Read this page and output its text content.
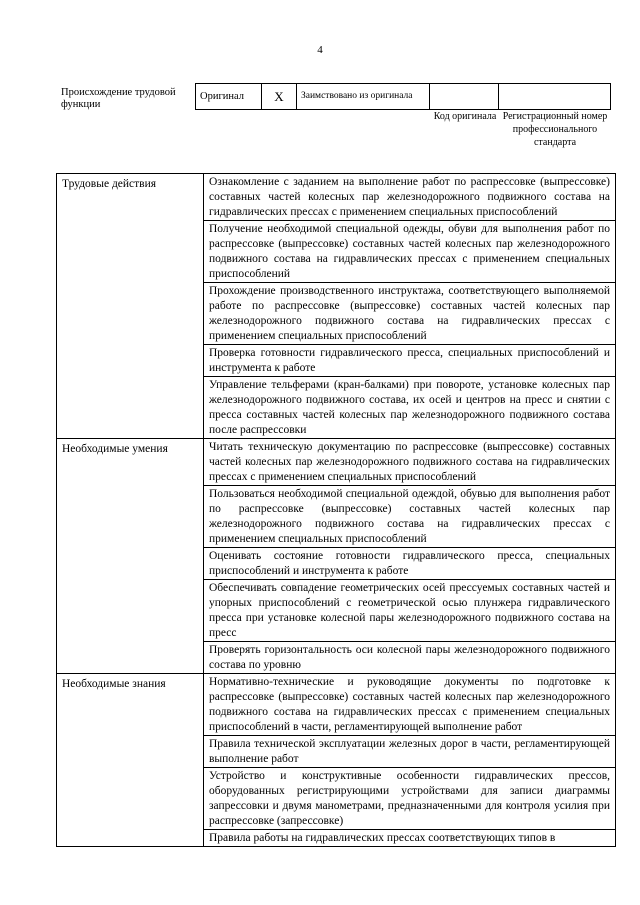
4
Происхождение трудовой функции
Оригинал	X	Заимствовано из оригинала		
Код оригинала Регистрационный номер профессионального стандарта
Трудовые действия	Ознакомление с заданием на выполнение работ по распрессовке (выпрессовке) составных частей колесных пар железнодорожного подвижного состава на гидравлических прессах с применением специальных приспособлений
Получение необходимой специальной одежды, обуви для выполнения работ по распрессовке (выпрессовке) составных частей колесных пар железнодорожного подвижного состава на гидравлических прессах с применением специальных приспособлений
Прохождение производственного инструктажа, соответствующего выполняемой работе по распрессовке (выпрессовке) составных частей колесных пар железнодорожного подвижного состава на гидравлических прессах с применением специальных приспособлений
Проверка готовности гидравлического пресса, специальных приспособлений и инструмента к работе
Управление тельферами (кран-балками) при повороте, установке колесных пар железнодорожного подвижного состава, их осей и центров на пресс и снятии с пресса составных частей колесных пар железнодорожного подвижного состава после распрессовки

Необходимые умения	Читать техническую документацию по распрессовке (выпрессовке) составных частей колесных пар железнодорожного подвижного состава на гидравлических прессах с применением специальных приспособлений
Пользоваться необходимой специальной одеждой, обувью для выполнения работ по распрессовке (выпрессовке) составных частей колесных пар железнодорожного подвижного состава на гидравлических прессах с применением специальных приспособлений
Оценивать состояние готовности гидравлического пресса, специальных приспособлений и инструмента к работе
Обеспечивать совпадение геометрических осей прессуемых составных частей и упорных приспособлений с геометрической осью плунжера гидравлического пресса при установке колесной пары железнодорожного подвижного состава на пресс
Проверять горизонтальность оси колесной пары железнодорожного подвижного состава по уровню

Необходимые знания	Нормативно-технические и руководящие документы по подготовке к распрессовке (выпрессовке) составных частей колесных пар железнодорожного подвижного состава на гидравлических прессах с применением специальных приспособлений в части, регламентирующей выполнение работ
Правила технической эксплуатации железных дорог в части, регламентирующей выполнение работ
Устройство и конструктивные особенности гидравлических прессов, оборудованных регистрирующими устройствами для записи диаграммы запрессовки и двумя манометрами, предназначенными для контроля усилия при распрессовке (запрессовке)
Правила работы на гидравлических прессах соответствующих типов в
